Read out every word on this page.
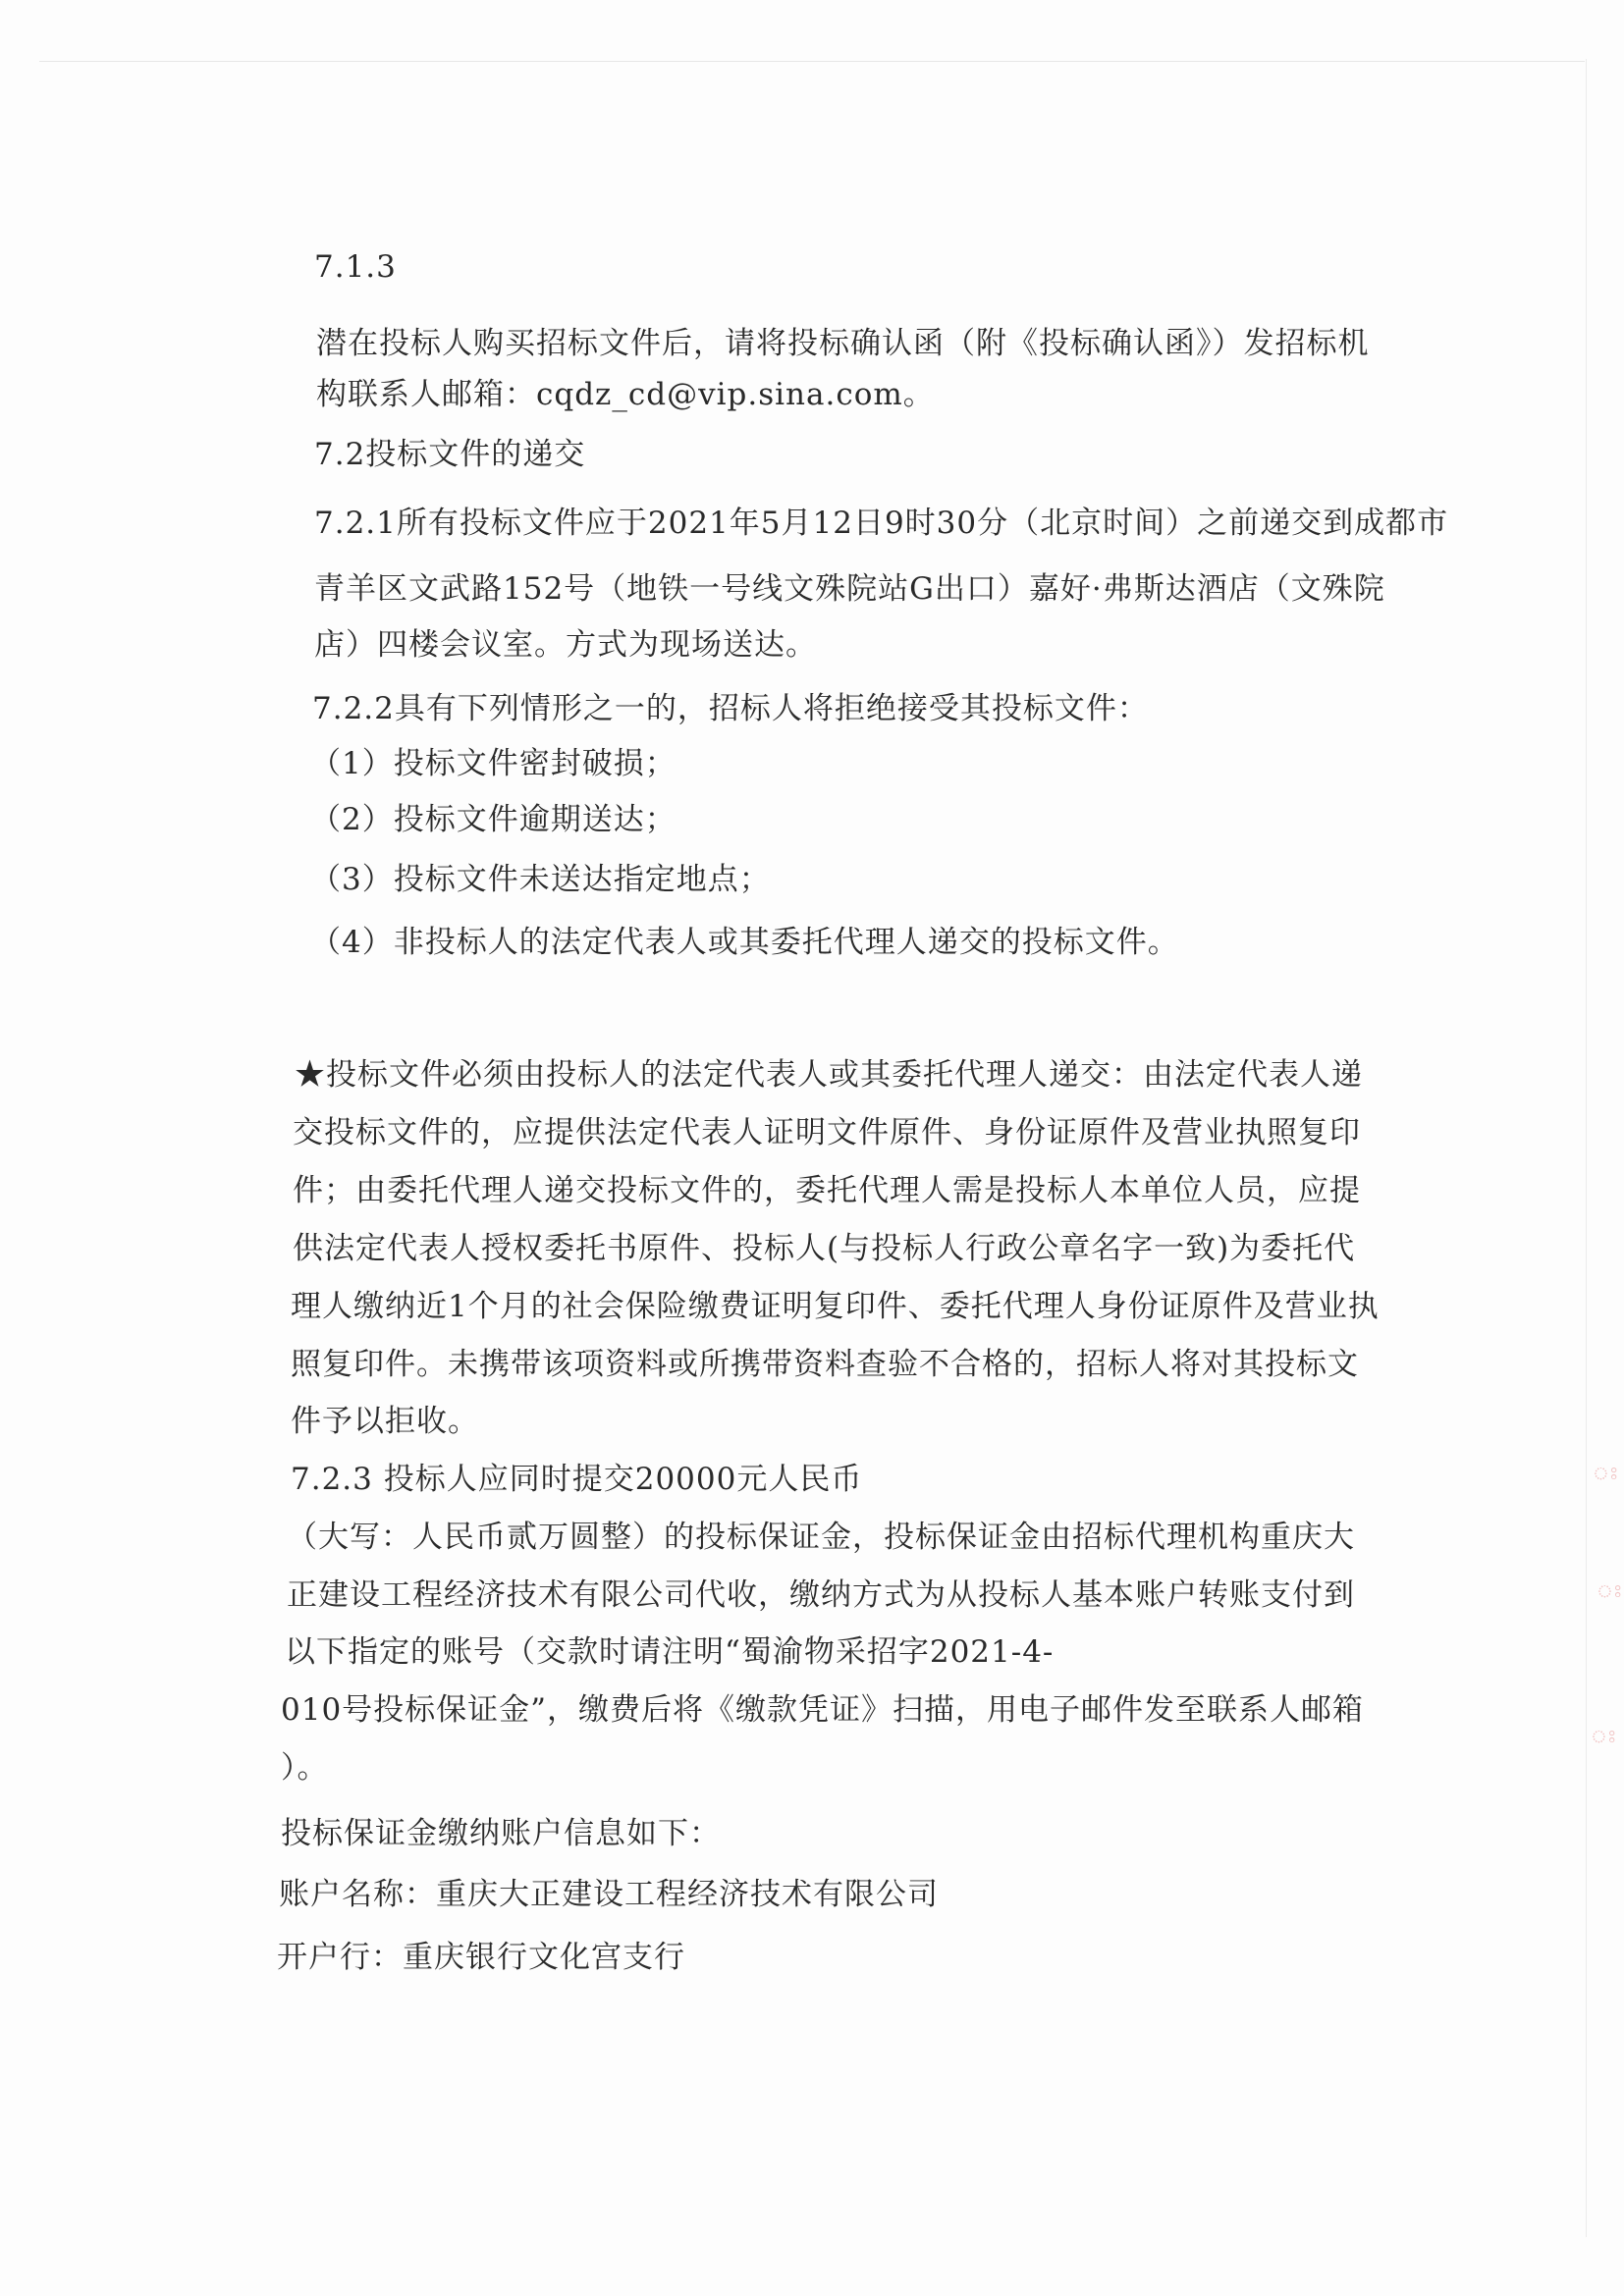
7.1.3

潜在投标人购买招标文件后，请将投标确认函（附《投标确认函》）发招标机

构联系人邮箱：cqdz_cd@vip.sina.com。

7.2投标文件的递交

7.2.1所有投标文件应于2021年5月12日9时30分（北京时间）之前递交到成都市

青羊区文武路152号（地铁一号线文殊院站G出口）嘉好·弗斯达酒店（文殊院

店）四楼会议室。方式为现场送达。

7.2.2具有下列情形之一的，招标人将拒绝接受其投标文件：

（1）投标文件密封破损；

（2）投标文件逾期送达；

（3）投标文件未送达指定地点；

（4）非投标人的法定代表人或其委托代理人递交的投标文件。

★投标文件必须由投标人的法定代表人或其委托代理人递交：由法定代表人递

交投标文件的，应提供法定代表人证明文件原件、身份证原件及营业执照复印

件；由委托代理人递交投标文件的，委托代理人需是投标人本单位人员，应提

供法定代表人授权委托书原件、投标人(与投标人行政公章名字一致)为委托代

理人缴纳近1个月的社会保险缴费证明复印件、委托代理人身份证原件及营业执

照复印件。未携带该项资料或所携带资料查验不合格的，招标人将对其投标文

件予以拒收。

7.2.3 投标人应同时提交20000元人民币

（大写：人民币贰万圆整）的投标保证金，投标保证金由招标代理机构重庆大

正建设工程经济技术有限公司代收，缴纳方式为从投标人基本账户转账支付到

以下指定的账号（交款时请注明“蜀渝物采招字2021-4-

010号投标保证金”，缴费后将《缴款凭证》扫描，用电子邮件发至联系人邮箱

）。

投标保证金缴纳账户信息如下：

账户名称：重庆大正建设工程经济技术有限公司

开户行：重庆银行文化宫支行

ঃ
ঃ
ঃ
